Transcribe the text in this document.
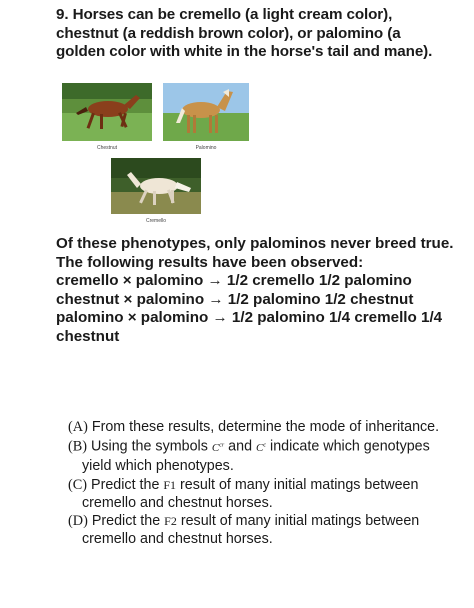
9. Horses can be cremello (a light cream color), chestnut (a reddish brown color), or palomino (a golden color with white in the horse's tail and mane).

Chestnut	Palomino
Cremello

Of these phenotypes, only palominos never breed true. The following results have been observed:

cremello × palomino → 1/2 cremello 1/2 palomino

chestnut × palomino → 1/2 palomino 1/2 chestnut

palomino × palomino → 1/2 palomino 1/4 cremello 1/4 chestnut

(A) From these results, determine the mode of inheritance.
(B) Using the symbols $C^{cr}$ and $C^c$ indicate which genotypes yield which phenotypes.
(C) Predict the F1 result of many initial matings between cremello and chestnut horses.
(D) Predict the F2 result of many initial matings between cremello and chestnut horses.
